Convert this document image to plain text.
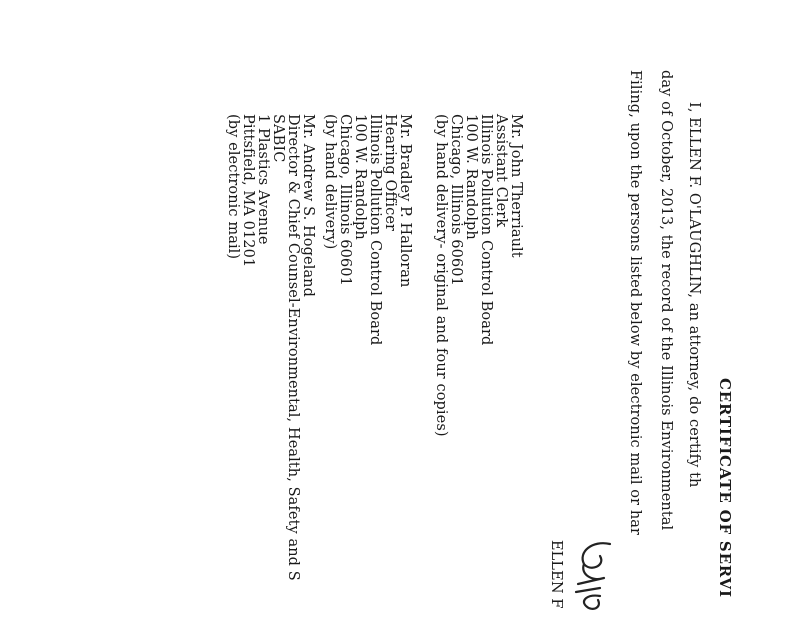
CERTIFICATE OF SERVI
I, ELLEN F. O'LAUGHLIN, an attorney, do certify th
day of October, 2013, the record of the Illinois Environmental
Filing, upon the persons listed below by electronic mail or har
ELLEN F
Mr. John Therriault
Assistant Clerk
Illinois Pollution Control Board
100 W. Randolph
Chicago, Illinois 60601
(by hand delivery- original and four copies)
Mr. Bradley P. Halloran
Hearing Officer
Illinois Pollution Control Board
100 W. Randolph
Chicago, Illinois 60601
(by hand delivery)
Mr. Andrew S. Hogeland
Director & Chief Counsel-Environmental, Health, Safety and S
SABIC
1 Plastics Avenue
Pittsfield, MA 01201
(by electronic mail)
